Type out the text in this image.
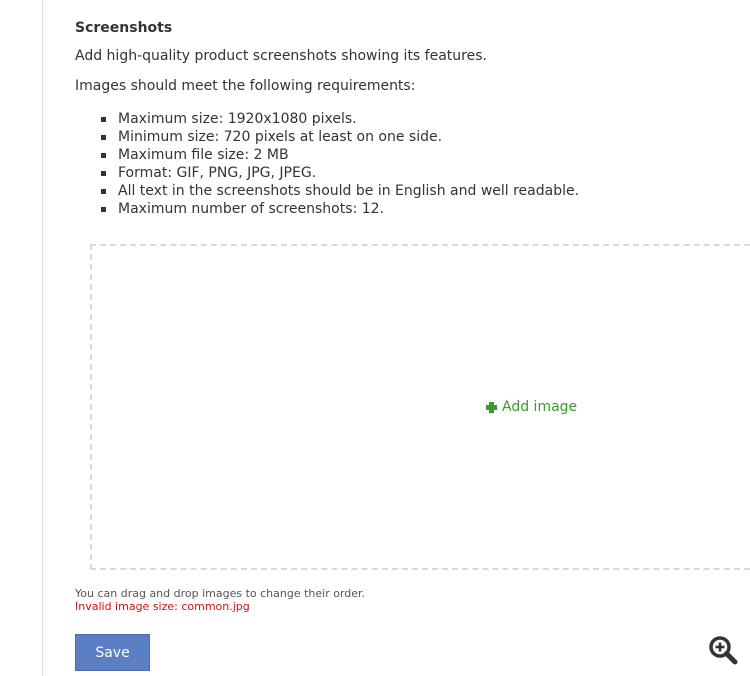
Screenshots

Add high-quality product screenshots showing its features.

Images should meet the following requirements:

Maximum size: 1920x1080 pixels.
Minimum size: 720 pixels at least on one side.
Maximum file size: 2 MB
Format: GIF, PNG, JPG, JPEG.
All text in the screenshots should be in English and well readable.
Maximum number of screenshots: 12.
Add image
You can drag and drop images to change their order.
Invalid image size: common.jpg
Save
